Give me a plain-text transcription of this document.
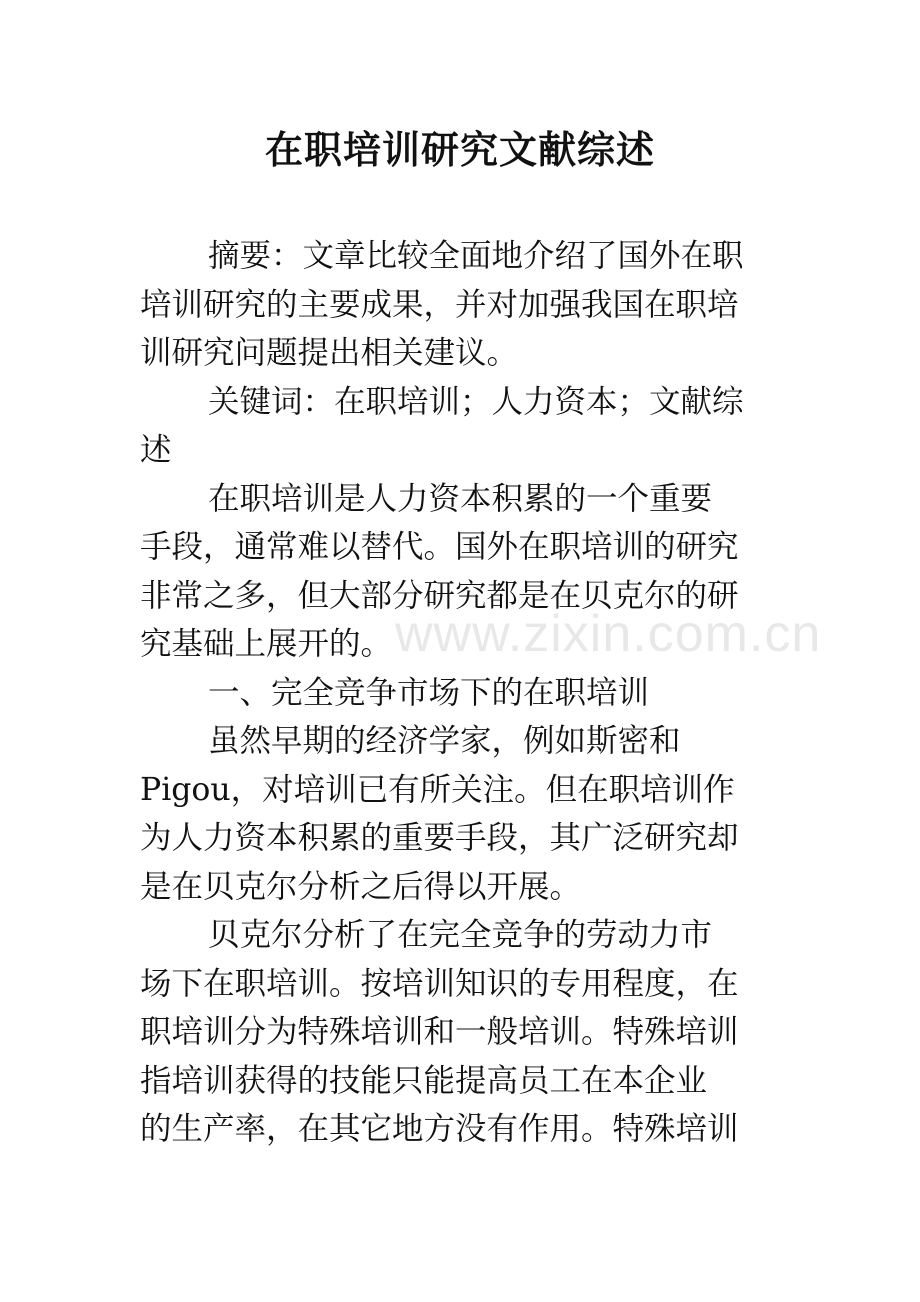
在职培训研究文献综述
摘要：文章比较全面地介绍了国外在职
培训研究的主要成果，并对加强我国在职培
训研究问题提出相关建议。
关键词：在职培训；人力资本；文献综
述
在职培训是人力资本积累的一个重要
手段，通常难以替代。国外在职培训的研究
非常之多，但大部分研究都是在贝克尔的研
究基础上展开的。
一、完全竞争市场下的在职培训
虽然早期的经济学家，例如斯密和
Pigou，对培训已有所关注。但在职培训作
为人力资本积累的重要手段，其广泛研究却
是在贝克尔分析之后得以开展。
贝克尔分析了在完全竞争的劳动力市
场下在职培训。按培训知识的专用程度，在
职培训分为特殊培训和一般培训。特殊培训
指培训获得的技能只能提高员工在本企业
的生产率，在其它地方没有作用。特殊培训
www.zixin.com.cn
